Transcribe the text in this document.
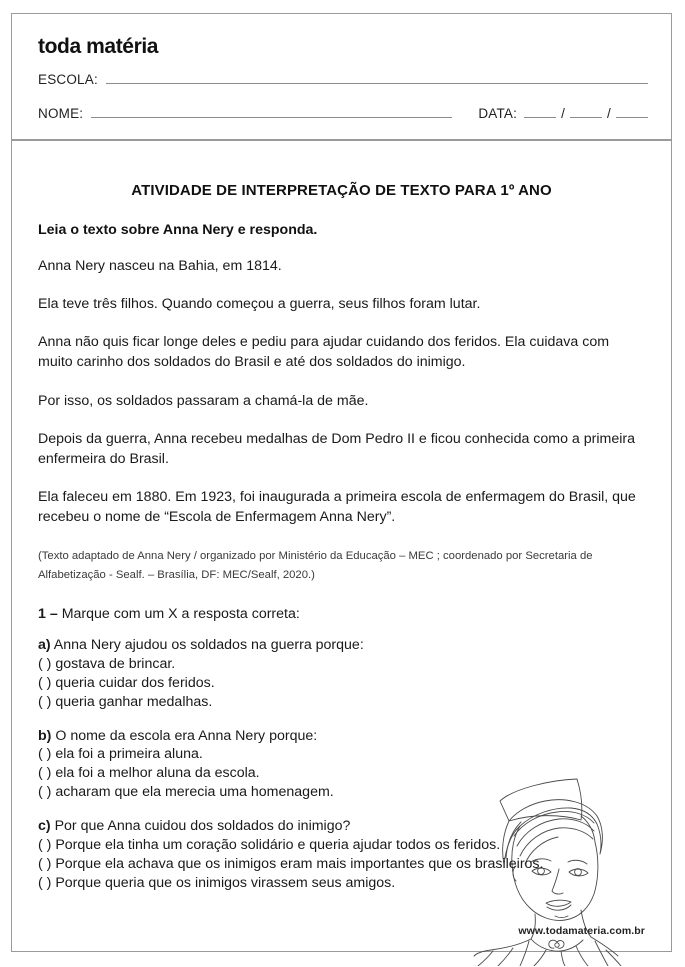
toda matéria
ESCOLA:
NOME:	DATA:	/	/
ATIVIDADE DE INTERPRETAÇÃO DE TEXTO PARA 1º ANO
Leia o texto sobre Anna Nery e responda.

Anna Nery nasceu na Bahia, em 1814.

Ela teve três filhos. Quando começou a guerra, seus filhos foram lutar.

Anna não quis ficar longe deles e pediu para ajudar cuidando dos feridos. Ela cuidava com muito carinho dos soldados do Brasil e até dos soldados do inimigo.

Por isso, os soldados passaram a chamá-la de mãe.

Depois da guerra, Anna recebeu medalhas de Dom Pedro II e ficou conhecida como a primeira enfermeira do Brasil.

Ela faleceu em 1880. Em 1923, foi inaugurada a primeira escola de enfermagem do Brasil, que recebeu o nome de “Escola de Enfermagem Anna Nery”.

(Texto adaptado de Anna Nery / organizado por Ministério da Educação – MEC ; coordenado por Secretaria de Alfabetização - Sealf. – Brasília, DF: MEC/Sealf, 2020.)
1 – Marque com um X a resposta correta:
a) Anna Nery ajudou os soldados na guerra porque:
( ) gostava de brincar.
( ) queria cuidar dos feridos.
( ) queria ganhar medalhas.
b) O nome da escola era Anna Nery porque:
( ) ela foi a primeira aluna.
( ) ela foi a melhor aluna da escola.
( ) acharam que ela merecia uma homenagem.
c) Por que Anna cuidou dos soldados do inimigo?
( ) Porque ela tinha um coração solidário e queria ajudar todos os feridos.
( ) Porque ela achava que os inimigos eram mais importantes que os brasileiros.
( ) Porque queria que os inimigos virassem seus amigos.
www.todamateria.com.br
